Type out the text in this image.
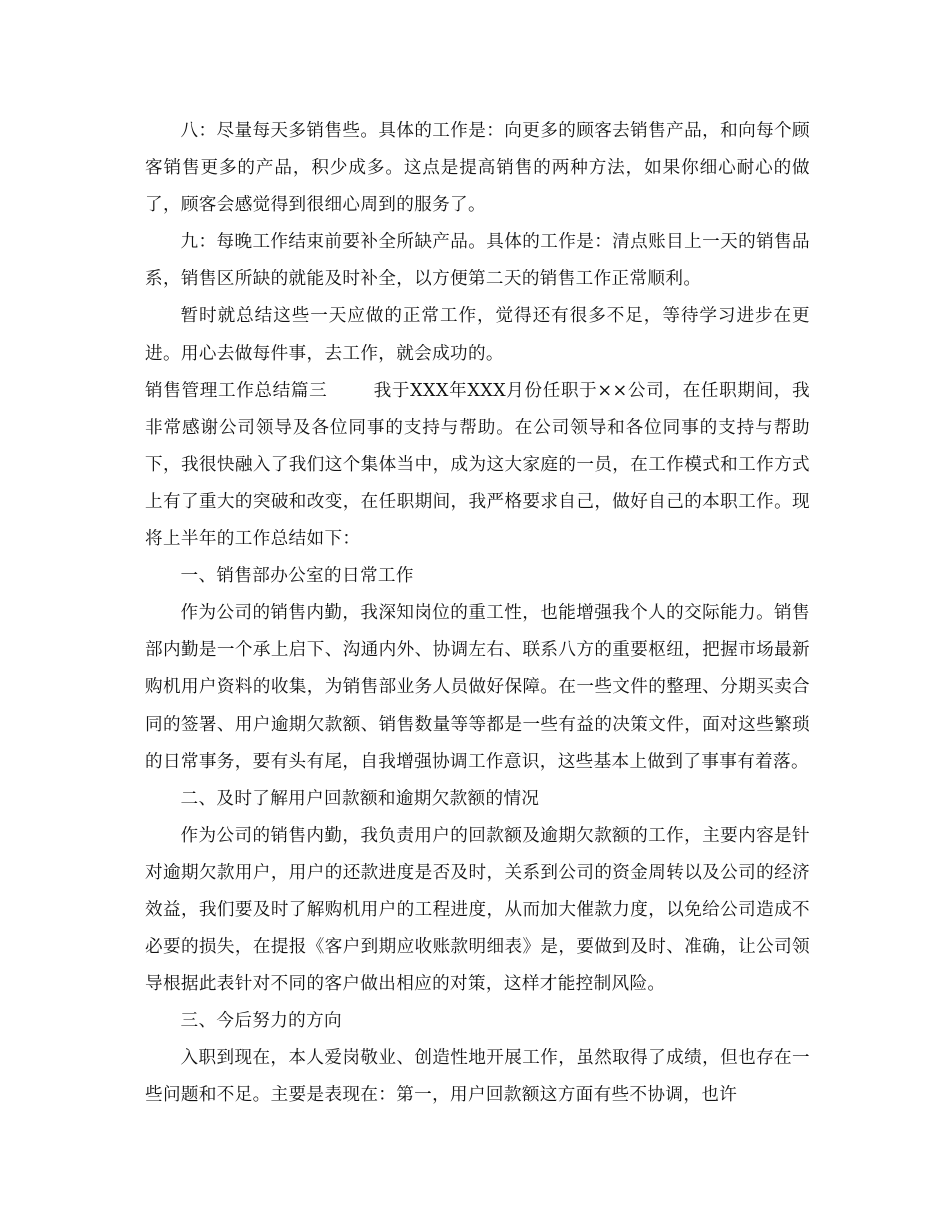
八：尽量每天多销售些。具体的工作是：向更多的顾客去销售产品，和向每个顾客销售更多的产品，积少成多。这点是提高销售的两种方法，如果你细心耐心的做了，顾客会感觉得到很细心周到的服务了。

九：每晚工作结束前要补全所缺产品。具体的工作是：清点账目上一天的销售品系，销售区所缺的就能及时补全，以方便第二天的销售工作正常顺利。

暂时就总结这些一天应做的正常工作，觉得还有很多不足，等待学习进步在更进。用心去做每件事，去工作，就会成功的。

销售管理工作总结篇三	我于XXX年XXX月份任职于××公司，在任职期间，我非常感谢公司领导及各位同事的支持与帮助。在公司领导和各位同事的支持与帮助下，我很快融入了我们这个集体当中，成为这大家庭的一员，在工作模式和工作方式上有了重大的突破和改变，在任职期间，我严格要求自己，做好自己的本职工作。现将上半年的工作总结如下：

一、销售部办公室的日常工作

作为公司的销售内勤，我深知岗位的重工性，也能增强我个人的交际能力。销售部内勤是一个承上启下、沟通内外、协调左右、联系八方的重要枢纽，把握市场最新购机用户资料的收集，为销售部业务人员做好保障。在一些文件的整理、分期买卖合同的签署、用户逾期欠款额、销售数量等等都是一些有益的决策文件，面对这些繁琐的日常事务，要有头有尾，自我增强协调工作意识，这些基本上做到了事事有着落。

二、及时了解用户回款额和逾期欠款额的情况

作为公司的销售内勤，我负责用户的回款额及逾期欠款额的工作，主要内容是针对逾期欠款用户，用户的还款进度是否及时，关系到公司的资金周转以及公司的经济效益，我们要及时了解购机用户的工程进度，从而加大催款力度，以免给公司造成不必要的损失，在提报《客户到期应收账款明细表》是，要做到及时、准确，让公司领导根据此表针对不同的客户做出相应的对策，这样才能控制风险。

三、今后努力的方向

入职到现在，本人爱岗敬业、创造性地开展工作，虽然取得了成绩，但也存在一些问题和不足。主要是表现在：第一，用户回款额这方面有些不协调，也许
